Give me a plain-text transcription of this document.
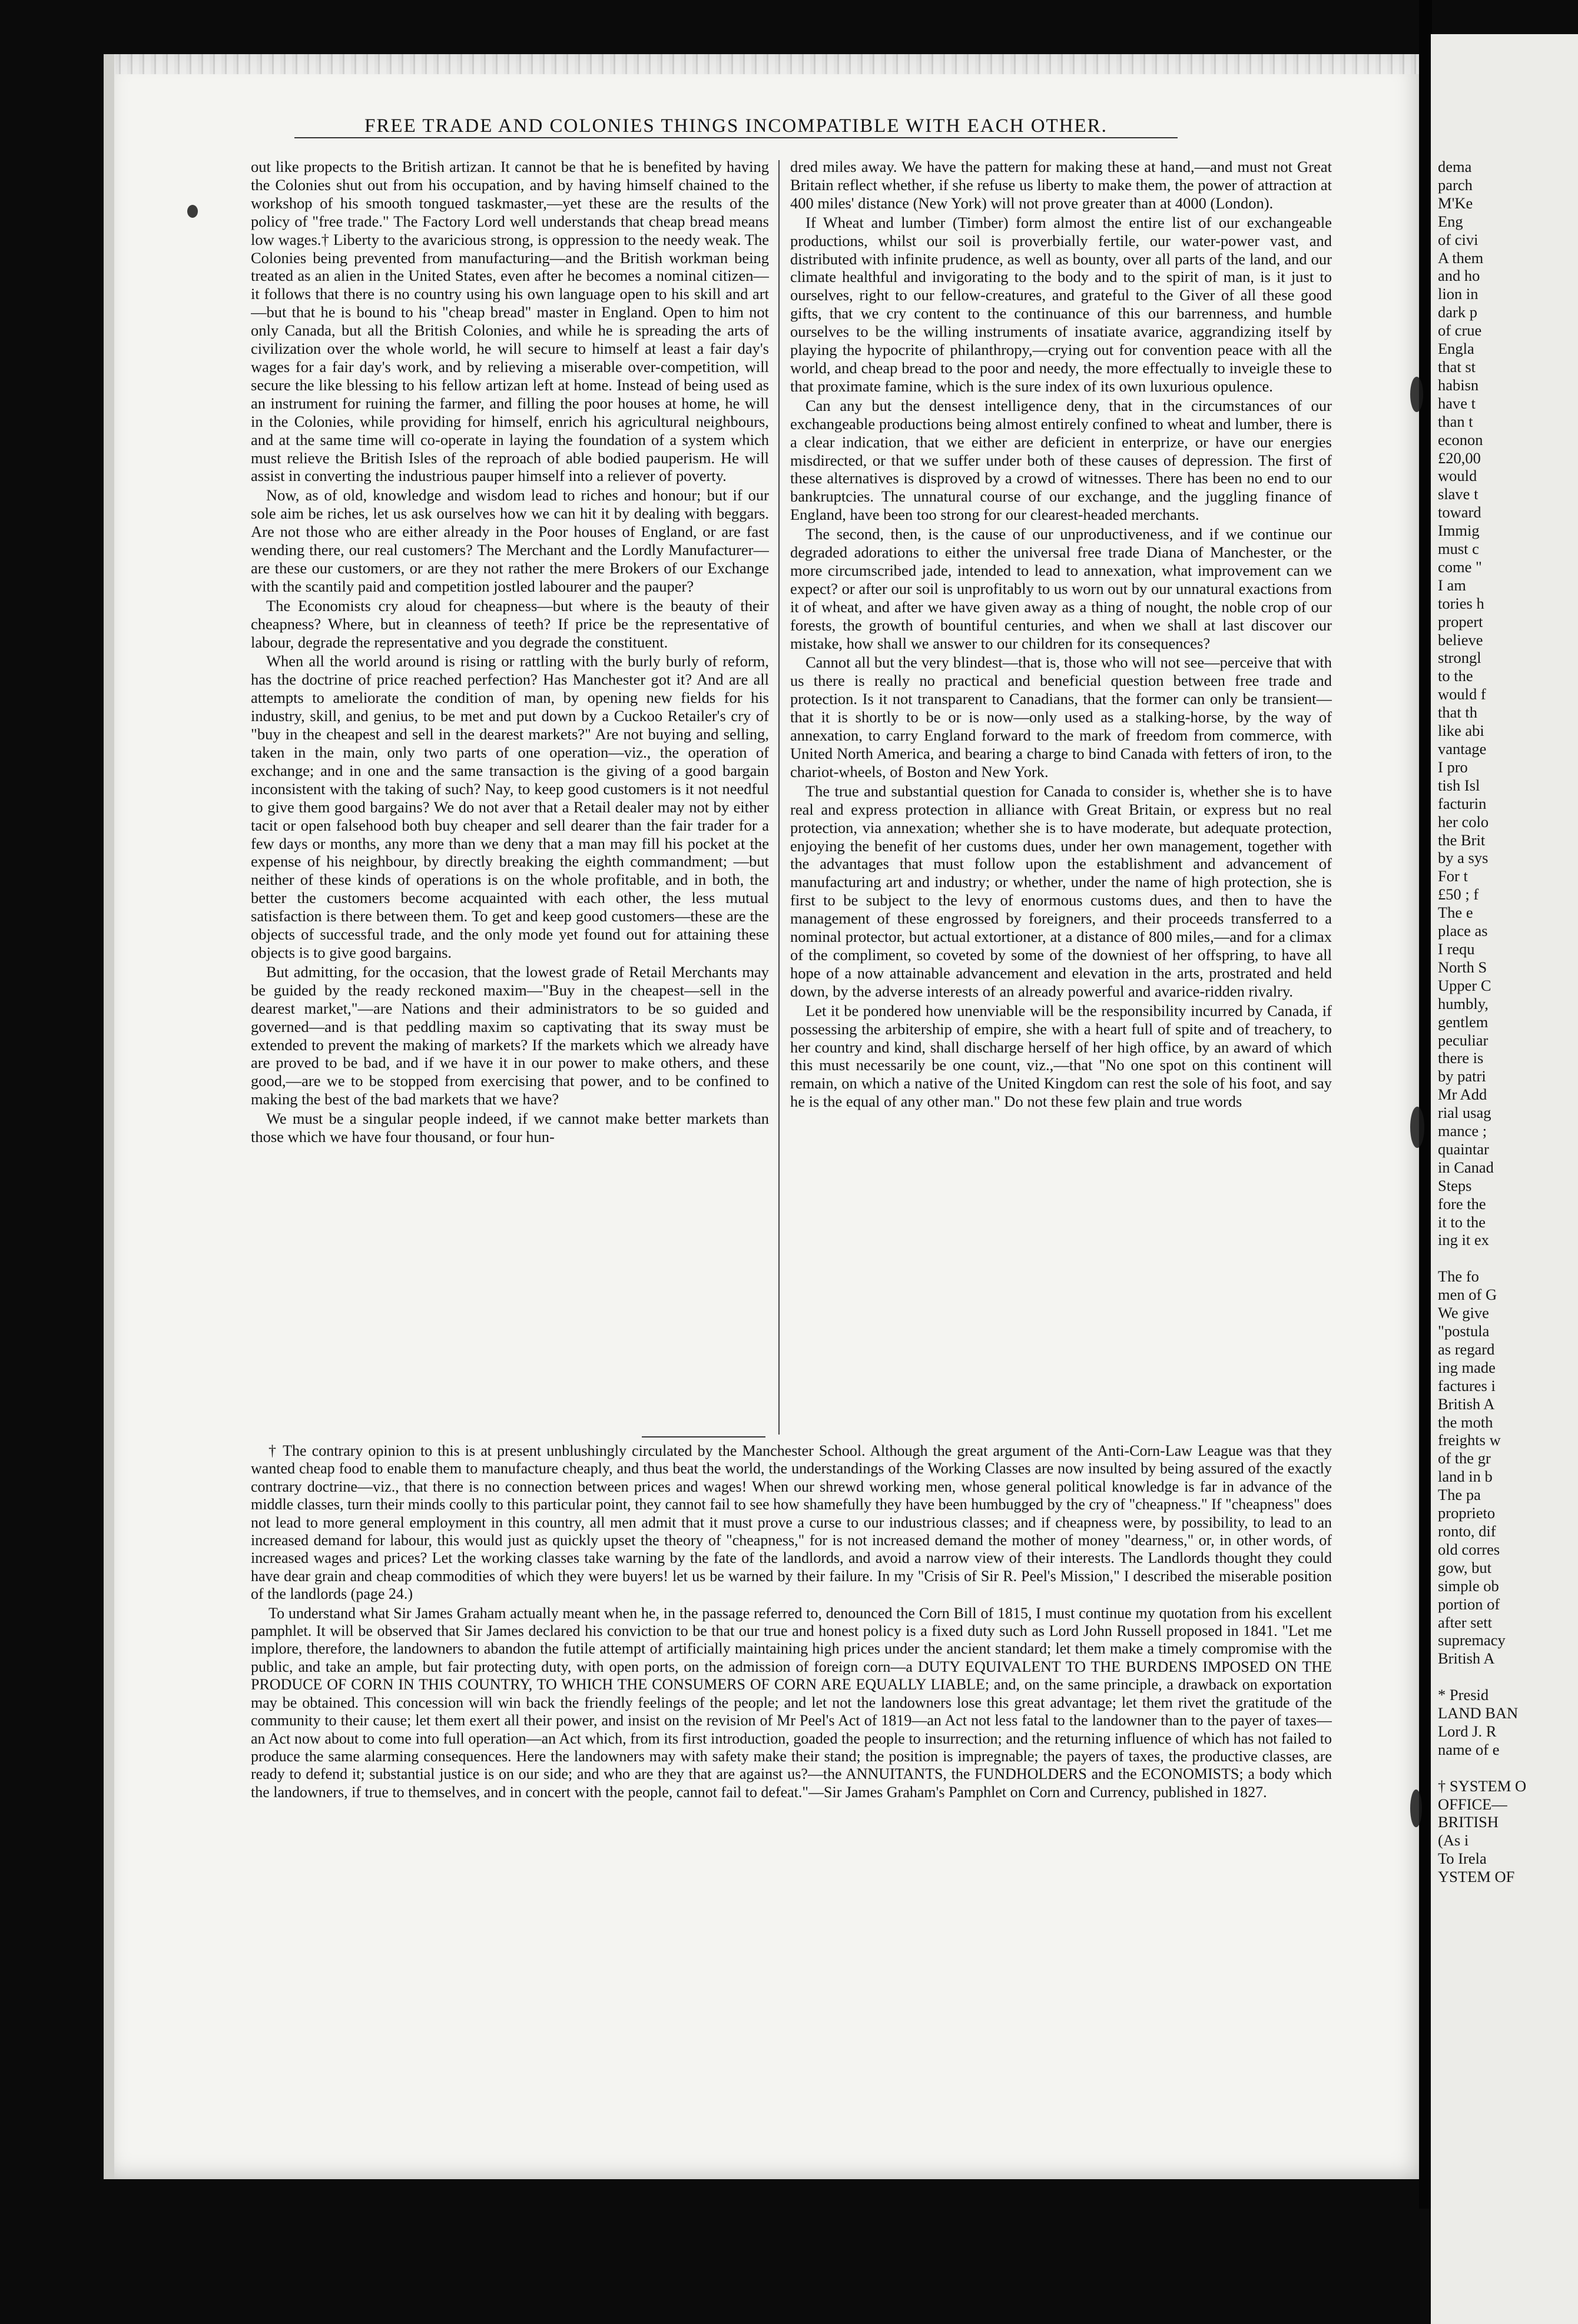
FREE TRADE AND COLONIES THINGS INCOMPATIBLE WITH EACH OTHER.

out like propects to the British artizan. It cannot be that he is benefited by having the Colonies shut out from his occupation, and by having himself chained to the workshop of his smooth tongued taskmaster,—yet these are the results of the policy of "free trade." The Factory Lord well understands that cheap bread means low wages.† Liberty to the avaricious strong, is oppression to the needy weak. The Colonies being prevented from manufacturing—and the British workman being treated as an alien in the United States, even after he becomes a nominal citizen—it follows that there is no country using his own language open to his skill and art—but that he is bound to his "cheap bread" master in England. Open to him not only Canada, but all the British Colonies, and while he is spreading the arts of civilization over the whole world, he will secure to himself at least a fair day's wages for a fair day's work, and by relieving a miserable over-competition, will secure the like blessing to his fellow artizan left at home. Instead of being used as an instrument for ruining the farmer, and filling the poor houses at home, he will in the Colonies, while providing for himself, enrich his agricultural neighbours, and at the same time will co-operate in laying the foundation of a system which must relieve the British Isles of the reproach of able bodied pauperism. He will assist in converting the industrious pauper himself into a reliever of poverty.

Now, as of old, knowledge and wisdom lead to riches and honour; but if our sole aim be riches, let us ask ourselves how we can hit it by dealing with beggars. Are not those who are either already in the Poor houses of England, or are fast wending there, our real customers? The Merchant and the Lordly Manufacturer—are these our customers, or are they not rather the mere Brokers of our Exchange with the scantily paid and competition jostled labourer and the pauper?

The Economists cry aloud for cheapness—but where is the beauty of their cheapness? Where, but in cleanness of teeth? If price be the representative of labour, degrade the representative and you degrade the constituent.

When all the world around is rising or rattling with the burly burly of reform, has the doctrine of price reached perfection? Has Manchester got it? And are all attempts to ameliorate the condition of man, by opening new fields for his industry, skill, and genius, to be met and put down by a Cuckoo Retailer's cry of "buy in the cheapest and sell in the dearest markets?" Are not buying and selling, taken in the main, only two parts of one operation—viz., the operation of exchange; and in one and the same transaction is the giving of a good bargain inconsistent with the taking of such? Nay, to keep good customers is it not needful to give them good bargains? We do not aver that a Retail dealer may not by either tacit or open falsehood both buy cheaper and sell dearer than the fair trader for a few days or months, any more than we deny that a man may fill his pocket at the expense of his neighbour, by directly breaking the eighth commandment; —but neither of these kinds of operations is on the whole profitable, and in both, the better the customers become acquainted with each other, the less mutual satisfaction is there between them. To get and keep good customers—these are the objects of successful trade, and the only mode yet found out for attaining these objects is to give good bargains.

But admitting, for the occasion, that the lowest grade of Retail Merchants may be guided by the ready reckoned maxim—"Buy in the cheapest—sell in the dearest market,"—are Nations and their administrators to be so guided and governed—and is that peddling maxim so captivating that its sway must be extended to prevent the making of markets? If the markets which we already have are proved to be bad, and if we have it in our power to make others, and these good,—are we to be stopped from exercising that power, and to be confined to making the best of the bad markets that we have?

We must be a singular people indeed, if we cannot make better markets than those which we have four thousand, or four hun-

dred miles away. We have the pattern for making these at hand,—and must not Great Britain reflect whether, if she refuse us liberty to make them, the power of attraction at 400 miles' distance (New York) will not prove greater than at 4000 (London).

If Wheat and lumber (Timber) form almost the entire list of our exchangeable productions, whilst our soil is proverbially fertile, our water-power vast, and distributed with infinite prudence, as well as bounty, over all parts of the land, and our climate healthful and invigorating to the body and to the spirit of man, is it just to ourselves, right to our fellow-creatures, and grateful to the Giver of all these good gifts, that we cry content to the continuance of this our barrenness, and humble ourselves to be the willing instruments of insatiate avarice, aggrandizing itself by playing the hypocrite of philanthropy,—crying out for convention peace with all the world, and cheap bread to the poor and needy, the more effectually to inveigle these to that proximate famine, which is the sure index of its own luxurious opulence.

Can any but the densest intelligence deny, that in the circumstances of our exchangeable productions being almost entirely confined to wheat and lumber, there is a clear indication, that we either are deficient in enterprize, or have our energies misdirected, or that we suffer under both of these causes of depression. The first of these alternatives is disproved by a crowd of witnesses. There has been no end to our bankruptcies. The unnatural course of our exchange, and the juggling finance of England, have been too strong for our clearest-headed merchants.

The second, then, is the cause of our unproductiveness, and if we continue our degraded adorations to either the universal free trade Diana of Manchester, or the more circumscribed jade, intended to lead to annexation, what improvement can we expect? or after our soil is unprofitably to us worn out by our unnatural exactions from it of wheat, and after we have given away as a thing of nought, the noble crop of our forests, the growth of bountiful centuries, and when we shall at last discover our mistake, how shall we answer to our children for its consequences?

Cannot all but the very blindest—that is, those who will not see—perceive that with us there is really no practical and beneficial question between free trade and protection. Is it not transparent to Canadians, that the former can only be transient—that it is shortly to be or is now—only used as a stalking-horse, by the way of annexation, to carry England forward to the mark of freedom from commerce, with United North America, and bearing a charge to bind Canada with fetters of iron, to the chariot-wheels, of Boston and New York.

The true and substantial question for Canada to consider is, whether she is to have real and express protection in alliance with Great Britain, or express but no real protection, via annexation; whether she is to have moderate, but adequate protection, enjoying the benefit of her customs dues, under her own management, together with the advantages that must follow upon the establishment and advancement of manufacturing art and industry; or whether, under the name of high protection, she is first to be subject to the levy of enormous customs dues, and then to have the management of these engrossed by foreigners, and their proceeds transferred to a nominal protector, but actual extortioner, at a distance of 800 miles,—and for a climax of the compliment, so coveted by some of the downiest of her offspring, to have all hope of a now attainable advancement and elevation in the arts, prostrated and held down, by the adverse interests of an already powerful and avarice-ridden rivalry.

Let it be pondered how unenviable will be the responsibility incurred by Canada, if possessing the arbitership of empire, she with a heart full of spite and of treachery, to her country and kind, shall discharge herself of her high office, by an award of which this must necessarily be one count, viz.,—that "No one spot on this continent will remain, on which a native of the United Kingdom can rest the sole of his foot, and say he is the equal of any other man." Do not these few plain and true words

† The contrary opinion to this is at present unblushingly circulated by the Manchester School. Although the great argument of the Anti-Corn-Law League was that they wanted cheap food to enable them to manufacture cheaply, and thus beat the world, the understandings of the Working Classes are now insulted by being assured of the exactly contrary doctrine—viz., that there is no connection between prices and wages! When our shrewd working men, whose general political knowledge is far in advance of the middle classes, turn their minds coolly to this particular point, they cannot fail to see how shamefully they have been humbugged by the cry of "cheapness." If "cheapness" does not lead to more general employment in this country, all men admit that it must prove a curse to our industrious classes; and if cheapness were, by possibility, to lead to an increased demand for labour, this would just as quickly upset the theory of "cheapness," for is not increased demand the mother of money "dearness," or, in other words, of increased wages and prices? Let the working classes take warning by the fate of the landlords, and avoid a narrow view of their interests. The Landlords thought they could have dear grain and cheap commodities of which they were buyers! let us be warned by their failure. In my "Crisis of Sir R. Peel's Mission," I described the miserable position of the landlords (page 24.)

To understand what Sir James Graham actually meant when he, in the passage referred to, denounced the Corn Bill of 1815, I must continue my quotation from his excellent pamphlet. It will be observed that Sir James declared his conviction to be that our true and honest policy is a fixed duty such as Lord John Russell proposed in 1841. "Let me implore, therefore, the landowners to abandon the futile attempt of artificially maintaining high prices under the ancient standard; let them make a timely compromise with the public, and take an ample, but fair protecting duty, with open ports, on the admission of foreign corn—a DUTY EQUIVALENT TO THE BURDENS IMPOSED ON THE PRODUCE OF CORN IN THIS COUNTRY, TO WHICH THE CONSUMERS OF CORN ARE EQUALLY LIABLE; and, on the same principle, a drawback on exportation may be obtained. This concession will win back the friendly feelings of the people; and let not the landowners lose this great advantage; let them rivet the gratitude of the community to their cause; let them exert all their power, and insist on the revision of Mr Peel's Act of 1819—an Act not less fatal to the landowner than to the payer of taxes—an Act now about to come into full operation—an Act which, from its first introduction, goaded the people to insurrection; and the returning influence of which has not failed to produce the same alarming consequences. Here the landowners may with safety make their stand; the position is impregnable; the payers of taxes, the productive classes, are ready to defend it; substantial justice is on our side; and who are they that are against us?—the ANNUITANTS, the FUNDHOLDERS and the ECONOMISTS; a body which the landowners, if true to themselves, and in concert with the people, cannot fail to defeat."—Sir James Graham's Pamphlet on Corn and Currency, published in 1827.

dema
parch
M'Ke
Eng
of civi
A them
and ho
lion in
dark p
of crue
Engla
that st
habisn
have t
than t
econon
£20,00
would
slave t
toward
Immig
must c
come "
I am
tories h
propert
believe
strongl
to the
would f
that th
like abi
vantage
I pro
tish Isl
facturin
her colo
the Brit
by a sys
For t
£50 ; f
The e
place as
I requ
North S
Upper C
humbly,
gentlem
peculiar
there is
by patri
Mr Add
rial usag
mance ;
quaintar
in Canad
Steps
fore the
it to the
ing it ex

The fo
men of G
We give
"postula
as regard
ing made
factures i
British A
the moth
freights w
of the gr
land in b
The pa
proprieto
ronto, dif
old corres
gow, but
simple ob
portion of
after sett
supremacy
British A

* Presid
LAND BAN
Lord J. R
name of e

† SYSTEM O
OFFICE—
BRITISH
(As i
To Irela
YSTEM OF
